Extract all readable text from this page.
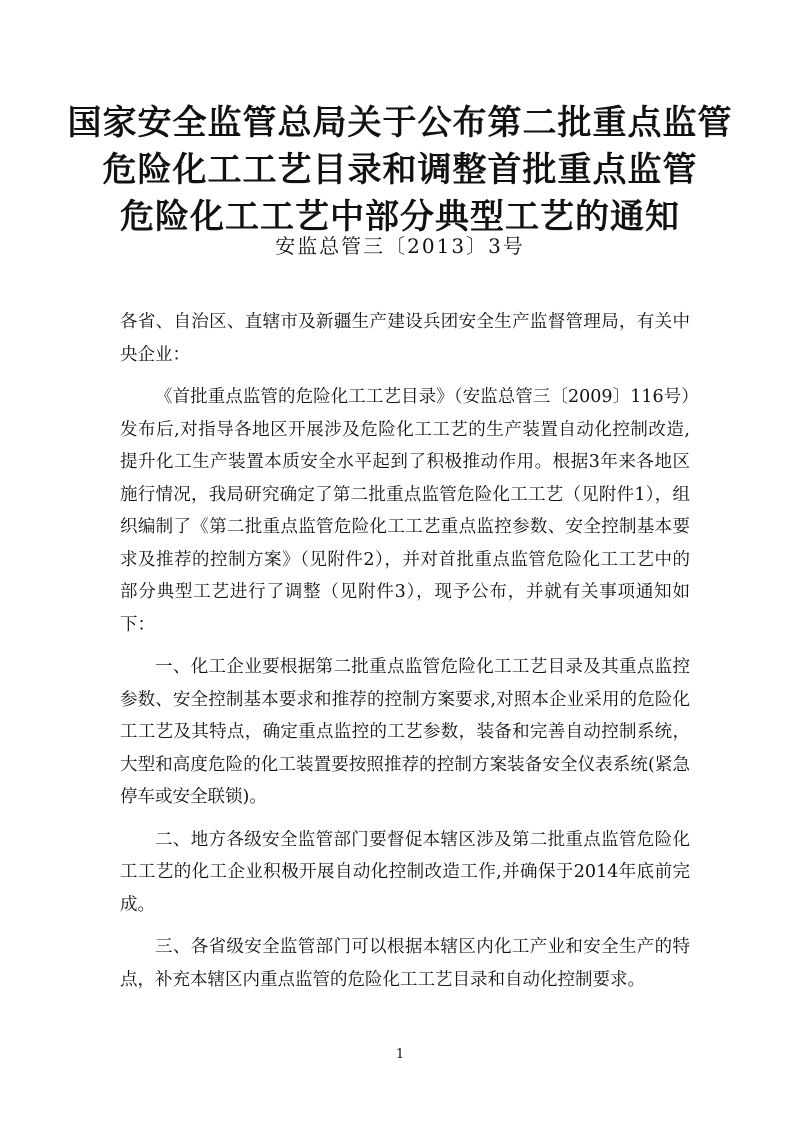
国家安全监管总局关于公布第二批重点监管
危险化工工艺目录和调整首批重点监管
危险化工工艺中部分典型工艺的通知
安监总管三〔2013〕3号

各省、自治区、直辖市及新疆生产建设兵团安全生产监督管理局，有关中央企业：

《首批重点监管的危险化工工艺目录》（安监总管三〔2009〕116号）发布后,对指导各地区开展涉及危险化工工艺的生产装置自动化控制改造,提升化工生产装置本质安全水平起到了积极推动作用。根据3年来各地区施行情况，我局研究确定了第二批重点监管危险化工工艺（见附件1），组织编制了《第二批重点监管危险化工工艺重点监控参数、安全控制基本要求及推荐的控制方案》（见附件2），并对首批重点监管危险化工工艺中的部分典型工艺进行了调整（见附件3），现予公布，并就有关事项通知如下：

一、化工企业要根据第二批重点监管危险化工工艺目录及其重点监控参数、安全控制基本要求和推荐的控制方案要求,对照本企业采用的危险化工工艺及其特点，确定重点监控的工艺参数，装备和完善自动控制系统，大型和高度危险的化工装置要按照推荐的控制方案装备安全仪表系统(紧急停车或安全联锁)。

二、地方各级安全监管部门要督促本辖区涉及第二批重点监管危险化工工艺的化工企业积极开展自动化控制改造工作,并确保于2014年底前完成。

三、各省级安全监管部门可以根据本辖区内化工产业和安全生产的特点，补充本辖区内重点监管的危险化工工艺目录和自动化控制要求。

1
